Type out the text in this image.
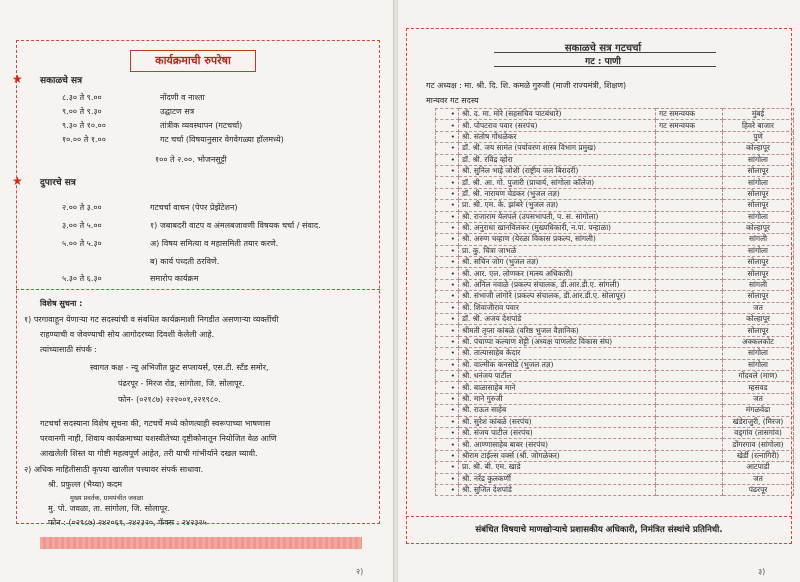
कार्यक्रमाची रुपरेषा
★ सकाळचे सत्र
८.३० ते ९.००	नोंदणी व नाश्ता
९.०० ते ९.३०	उद्घाटण सत्र
९.३० ते १०.००	तांत्रीक व्यवस्थापन (गटचर्चा)
१०.०० ते १.००	गट चर्चा (विषयानुसार वेगवेगळ्या हॉलमध्ये)
१०० ते २.००. भोजनसुट्टी
★ दुपारचे सत्र
२.०० ते ३.००	गटचर्चा वाचन (पेपर प्रेझेंटेशन)
३.०० ते ५.००	१) जबाबदरी वाटप व अंमलबजावणी विषयक चर्चा / संवाद.
५.०० ते ५.३०	अ) विषय समित्या व महासमिती तयार करणे.
ब) कार्य पध्दती ठरविणे.
५.३० ते ६.३०	समारोप कार्यक्रम
विशेष सुचना :
१) परगावाहून येणाऱ्या गट सदस्यांची व संबधित कार्यक्रमाशी निगडीत असणाऱ्या व्यक्तींची
राहण्याची व जेवण्याची सोय आगोदरच्या दिवशी केलेली आहे.
त्यांच्यासाठी संपर्क :
स्वागत कक्ष - न्यू अभिजीत फ्रुट सप्लायर्स, एस.टी. स्टँड समोर,
पंढरपूर - मिरज रोड, सांगोला, जि. सोलापूर.
फोन- (०२१८७) २२२००१,२२१९८०.
गटचर्चा सदस्याना विशेष सूचना की, गटचर्चे मध्ये कोणत्याही स्वरूपाच्या भाषणास
परवानगी नाही, शिवाय कार्यक्रमाच्या यशस्वीतेच्या दृष्टीकोनातून नियोजित वेळ आणि
आखलेली शिस्त या गोष्टी महत्वपूर्ण आहेत, तरी याची गांभीर्याने दखल घ्यावी.
२) अधिक माहितीसाठी कृपया खालील पत्त्यावर संपर्क साधावा.
श्री. प्रफुल्ल (भैय्या) कदम
मुख्य प्रवर्तक, ग्रामपंचीत जवळा
मु. पो. जवळा, ता. सांगोला, जि. सोलापूर.
फोन : (०२९८७) २४२०६१, २४२३२०, फॅक्स : २४२३२५
२)
सकाळचे सत्र गटचर्चा
गट : पाणी
गट अध्यक्ष : मा. श्री. दि. शि. कमळे गुरुजी (माजी राज्यमंत्री, शिक्षण)
मान्यवर गट सदस्य
•	श्री. द. मा. मोरे (सहसचिव पाटबंधारे)	गट समन्वयक	मुंबई
•	श्री. पोपटराव पवार (सरपंच)	गट समन्वयक	हिवरे बाजार
•	श्री. संतोष गोंधळेकर		पुणे
•	डॉ. श्री. जय सामंत (पर्यावरण शास्त्र विभाग प्रमुख)		कोल्हापूर
•	डॉ. श्री. रविंद्र व्होरा		सांगोला
•	श्री. सुनिल भाई जोशी (राष्ट्रीय जल बिरादरी)		सोलापूर
•	डॉ. श्री. आ. गो. पुजारी (प्राचार्य, सांगोला कॉलेज)		सांगोला
•	डॉ. श्री. नारायण चेडकर (भुजल तज्ञ)		सोलापूर
•	प्रा. श्री. एम. के. झांबरे (भुजल तज्ञ)		सोलापूर
•	श्री. राजाराम येलपले (उपसभापती, प. स. सांगोला)		सांगोला
•	श्री. अनुराधा खानविलकर (मुख्यधिकारी, न.पा. पन्हाळा)		कोल्हापूर
•	श्री. अरुण चव्हाण (येरळा विकास प्रकल्प, सांगली)		सांगली
•	प्रा. कु. चित्रा जाभळे		सांगोला
•	श्री. सचिन जोग (भुजल तज्ञ)		सोलापूर
•	श्री. आर. एल. लोणकर (मत्स्य अधिकारी)		सोलापूर
•	श्री. अनिल नवाळे (प्रकल्प संचालक, डी.आर.डी.ए. सांगली)		सांगली
•	श्री. संभाजी लांगोरे (प्रकल्प संचालक, डी.आर.डी.ए. सोलापूर)		सोलापूर
•	श्री. शिवाजीराव पवार		जत
•	डॉ. श्री. अजय देशपांडे		कोल्हापूर
•	श्रीमती तृप्ता कांबळे (वरिष्ठ भुजल वैज्ञानिक)		सोलापूर
•	श्री. पंचाप्पा कल्याण शेट्टी (अध्यक्ष पाणलोट विकास संघ)		अक्कलकोट
•	श्री. तात्यासाहेब केदार		सांगोला
•	श्री. वाल्मीक कनसोडे (भुजल तज्ञ)		सांगोला
•	श्री. धनंजय पाटील		गोंदवले (माण)
•	श्री. बाळासाहेब माने		म्हसवड
•	श्री. माने गुरुजी		जत
•	श्री. राऊत साहेब		मंगळवेढा
•	श्री. सुरेश कांबळे (सरपंच)		खंडेराजुरी, (मिरज)
•	श्री. संजय पाटील (सरपंच)		वड्गांव (तासगांव)
•	श्री. आण्णासाहेब बाबर (सरपंच)		डोंगरगाव (सांगोला)
•	श्रीराम टाईल्स वर्क्स (श्री. जोगळेकर)		खेर्डी (रत्नागिरी)
•	प्रा. श्री. बी. एम. खाडे		आटपाडी
•	श्री. नरेंद्र कुलकर्णी		जत
•	श्री. सुजित देशपांडे		पंढरपूर
संबंधित विषयाचे माणखोऱ्याचे प्रशासकीय अधिकारी, निमंत्रित संस्थांचे प्रतिनिधी.
३)
